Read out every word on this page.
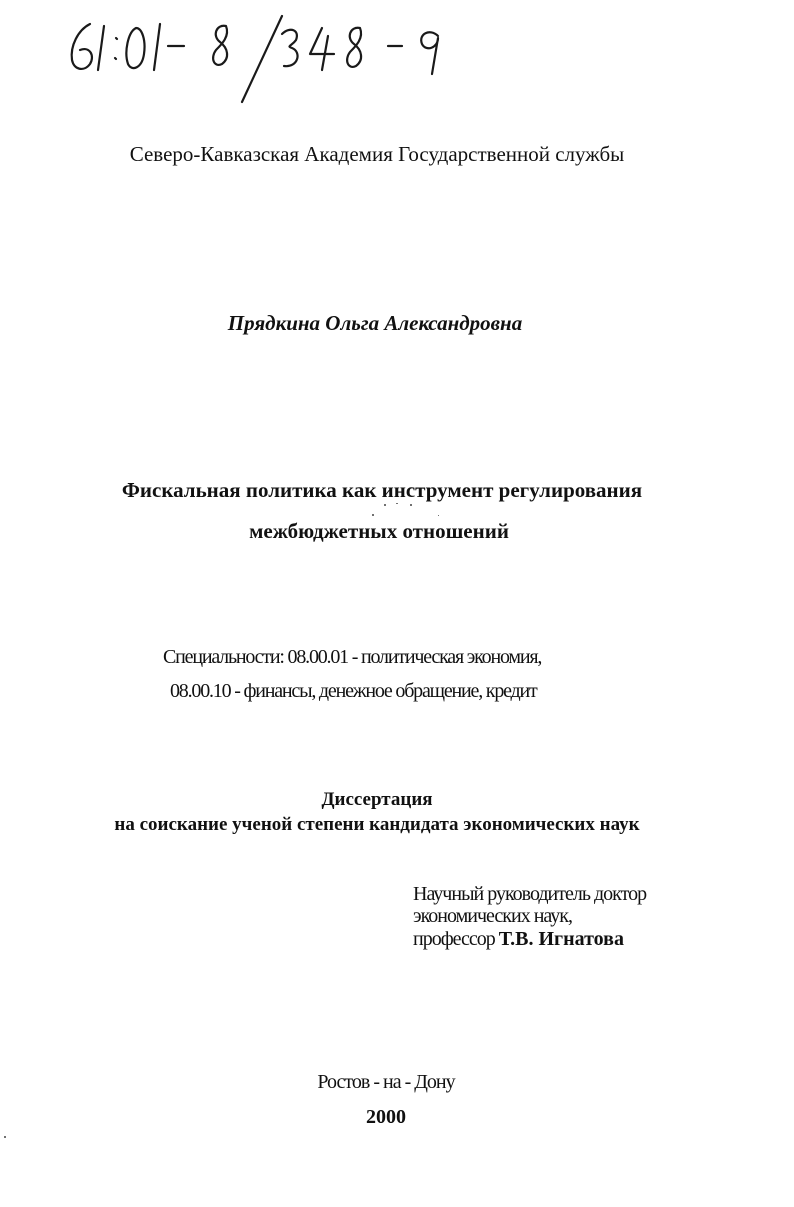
Северо-Кавказская Академия Государственной службы
Прядкина Ольга Александровна
Фискальная политика как инструмент регулирования
межбюджетных отношений
Специальности: 08.00.01 - политическая экономия,
08.00.10 - финансы, денежное обращение, кредит
Диссертация
на соискание ученой степени кандидата экономических наук
Научный руководитель доктор
экономических наук,
профессор Т.В. Игнатова
Ростов - на - Дону
2000
